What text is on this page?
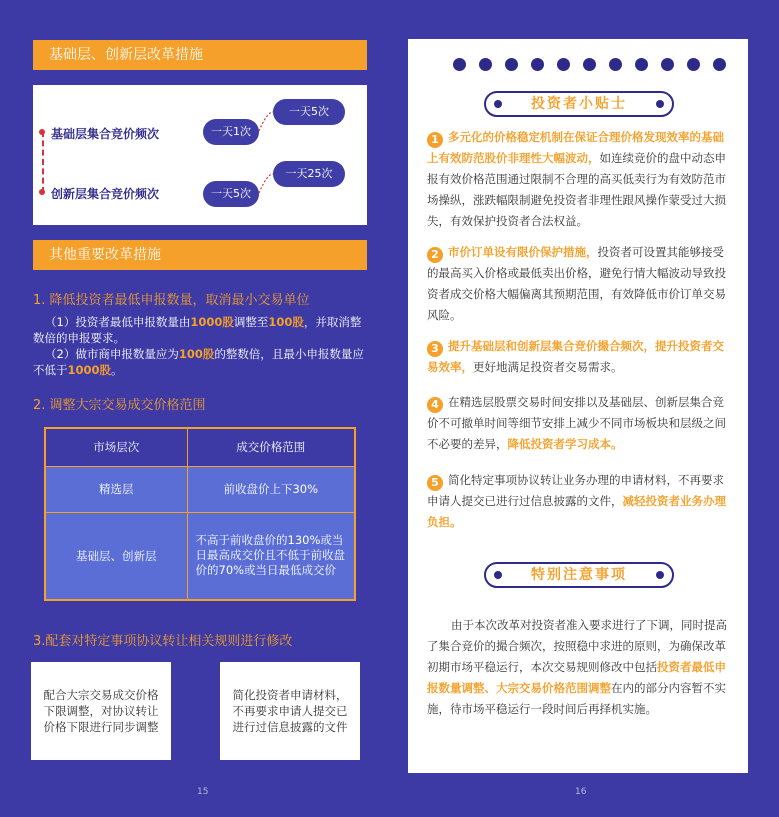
基础层、创新层改革措施
基础层集合竞价频次
创新层集合竞价频次
一天1次
一天5次
一天5次
一天25次
其他重要改革措施
1. 降低投资者最低申报数量，取消最小交易单位
（1）投资者最低申报数量由1000股调整至100股，并取消整数倍的申报要求。
（2）做市商申报数量应为100股的整数倍，且最小申报数量应不低于1000股。
2. 调整大宗交易成交价格范围
市场层次	成交价格范围
精选层	前收盘价上下30%
基础层、创新层	不高于前收盘价的130%或当日最高成交价且不低于前收盘价的70%或当日最低成交价
3.配套对特定事项协议转让相关规则进行修改
配合大宗交易成交价格下限调整，对协议转让价格下限进行同步调整
简化投资者申请材料，不再要求申请人提交已进行过信息披露的文件
15
投资者小贴士
1 多元化的价格稳定机制在保证合理价格发现效率的基础上有效防范股价非理性大幅波动，如连续竞价的盘中动态申报有效价格范围通过限制不合理的高买低卖行为有效防范市场操纵，涨跌幅限制避免投资者非理性跟风操作蒙受过大损失，有效保护投资者合法权益。
2 市价订单设有限价保护措施，投资者可设置其能够接受的最高买入价格或最低卖出价格，避免行情大幅波动导致投资者成交价格大幅偏离其预期范围，有效降低市价订单交易风险。
3 提升基础层和创新层集合竞价撮合频次，提升投资者交易效率，更好地满足投资者交易需求。
4 在精选层股票交易时间安排以及基础层、创新层集合竞价不可撤单时间等细节安排上减少不同市场板块和层级之间不必要的差异，降低投资者学习成本。
5 简化特定事项协议转让业务办理的申请材料，不再要求申请人提交已进行过信息披露的文件，减轻投资者业务办理负担。
特别注意事项
由于本次改革对投资者准入要求进行了下调，同时提高了集合竞价的撮合频次，按照稳中求进的原则，为确保改革初期市场平稳运行，本次交易规则修改中包括投资者最低申报数量调整、大宗交易价格范围调整在内的部分内容暂不实施，待市场平稳运行一段时间后再择机实施。
16
